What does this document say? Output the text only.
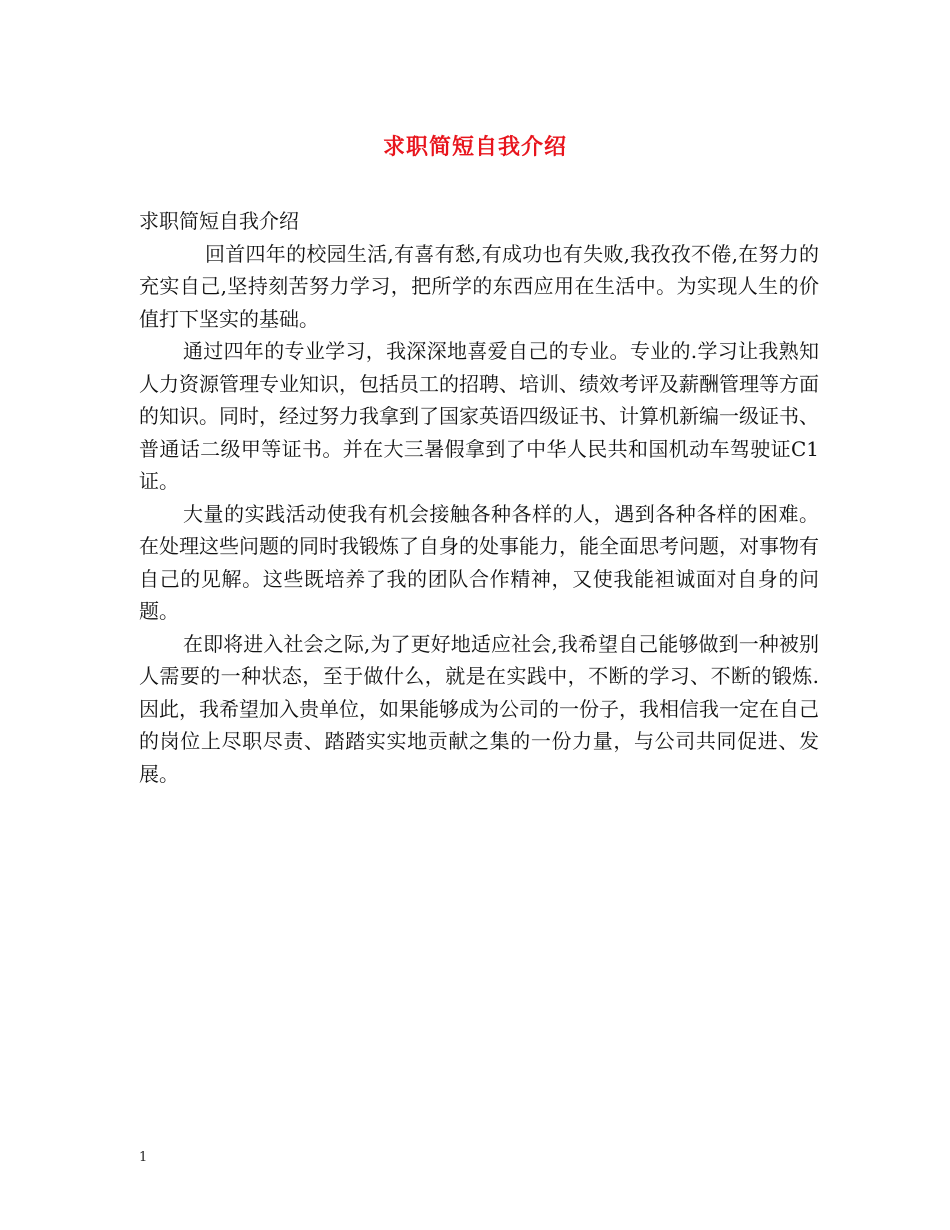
求职简短自我介绍

求职简短自我介绍

回首四年的校园生活,有喜有愁,有成功也有失败,我孜孜不倦,在努力的充实自己,坚持刻苦努力学习，把所学的东西应用在生活中。为实现人生的价值打下坚实的基础。

通过四年的专业学习，我深深地喜爱自己的专业。专业的.学习让我熟知人力资源管理专业知识，包括员工的招聘、培训、绩效考评及薪酬管理等方面的知识。同时，经过努力我拿到了国家英语四级证书、计算机新编一级证书、普通话二级甲等证书。并在大三暑假拿到了中华人民共和国机动车驾驶证C1证。

大量的实践活动使我有机会接触各种各样的人，遇到各种各样的困难。在处理这些问题的同时我锻炼了自身的处事能力，能全面思考问题，对事物有自己的见解。这些既培养了我的团队合作精神，又使我能袒诚面对自身的问题。

在即将进入社会之际,为了更好地适应社会,我希望自己能够做到一种被别人需要的一种状态，至于做什么，就是在实践中，不断的学习、不断的锻炼.因此，我希望加入贵单位，如果能够成为公司的一份子，我相信我一定在自己的岗位上尽职尽责、踏踏实实地贡献之集的一份力量，与公司共同促进、发展。

1
